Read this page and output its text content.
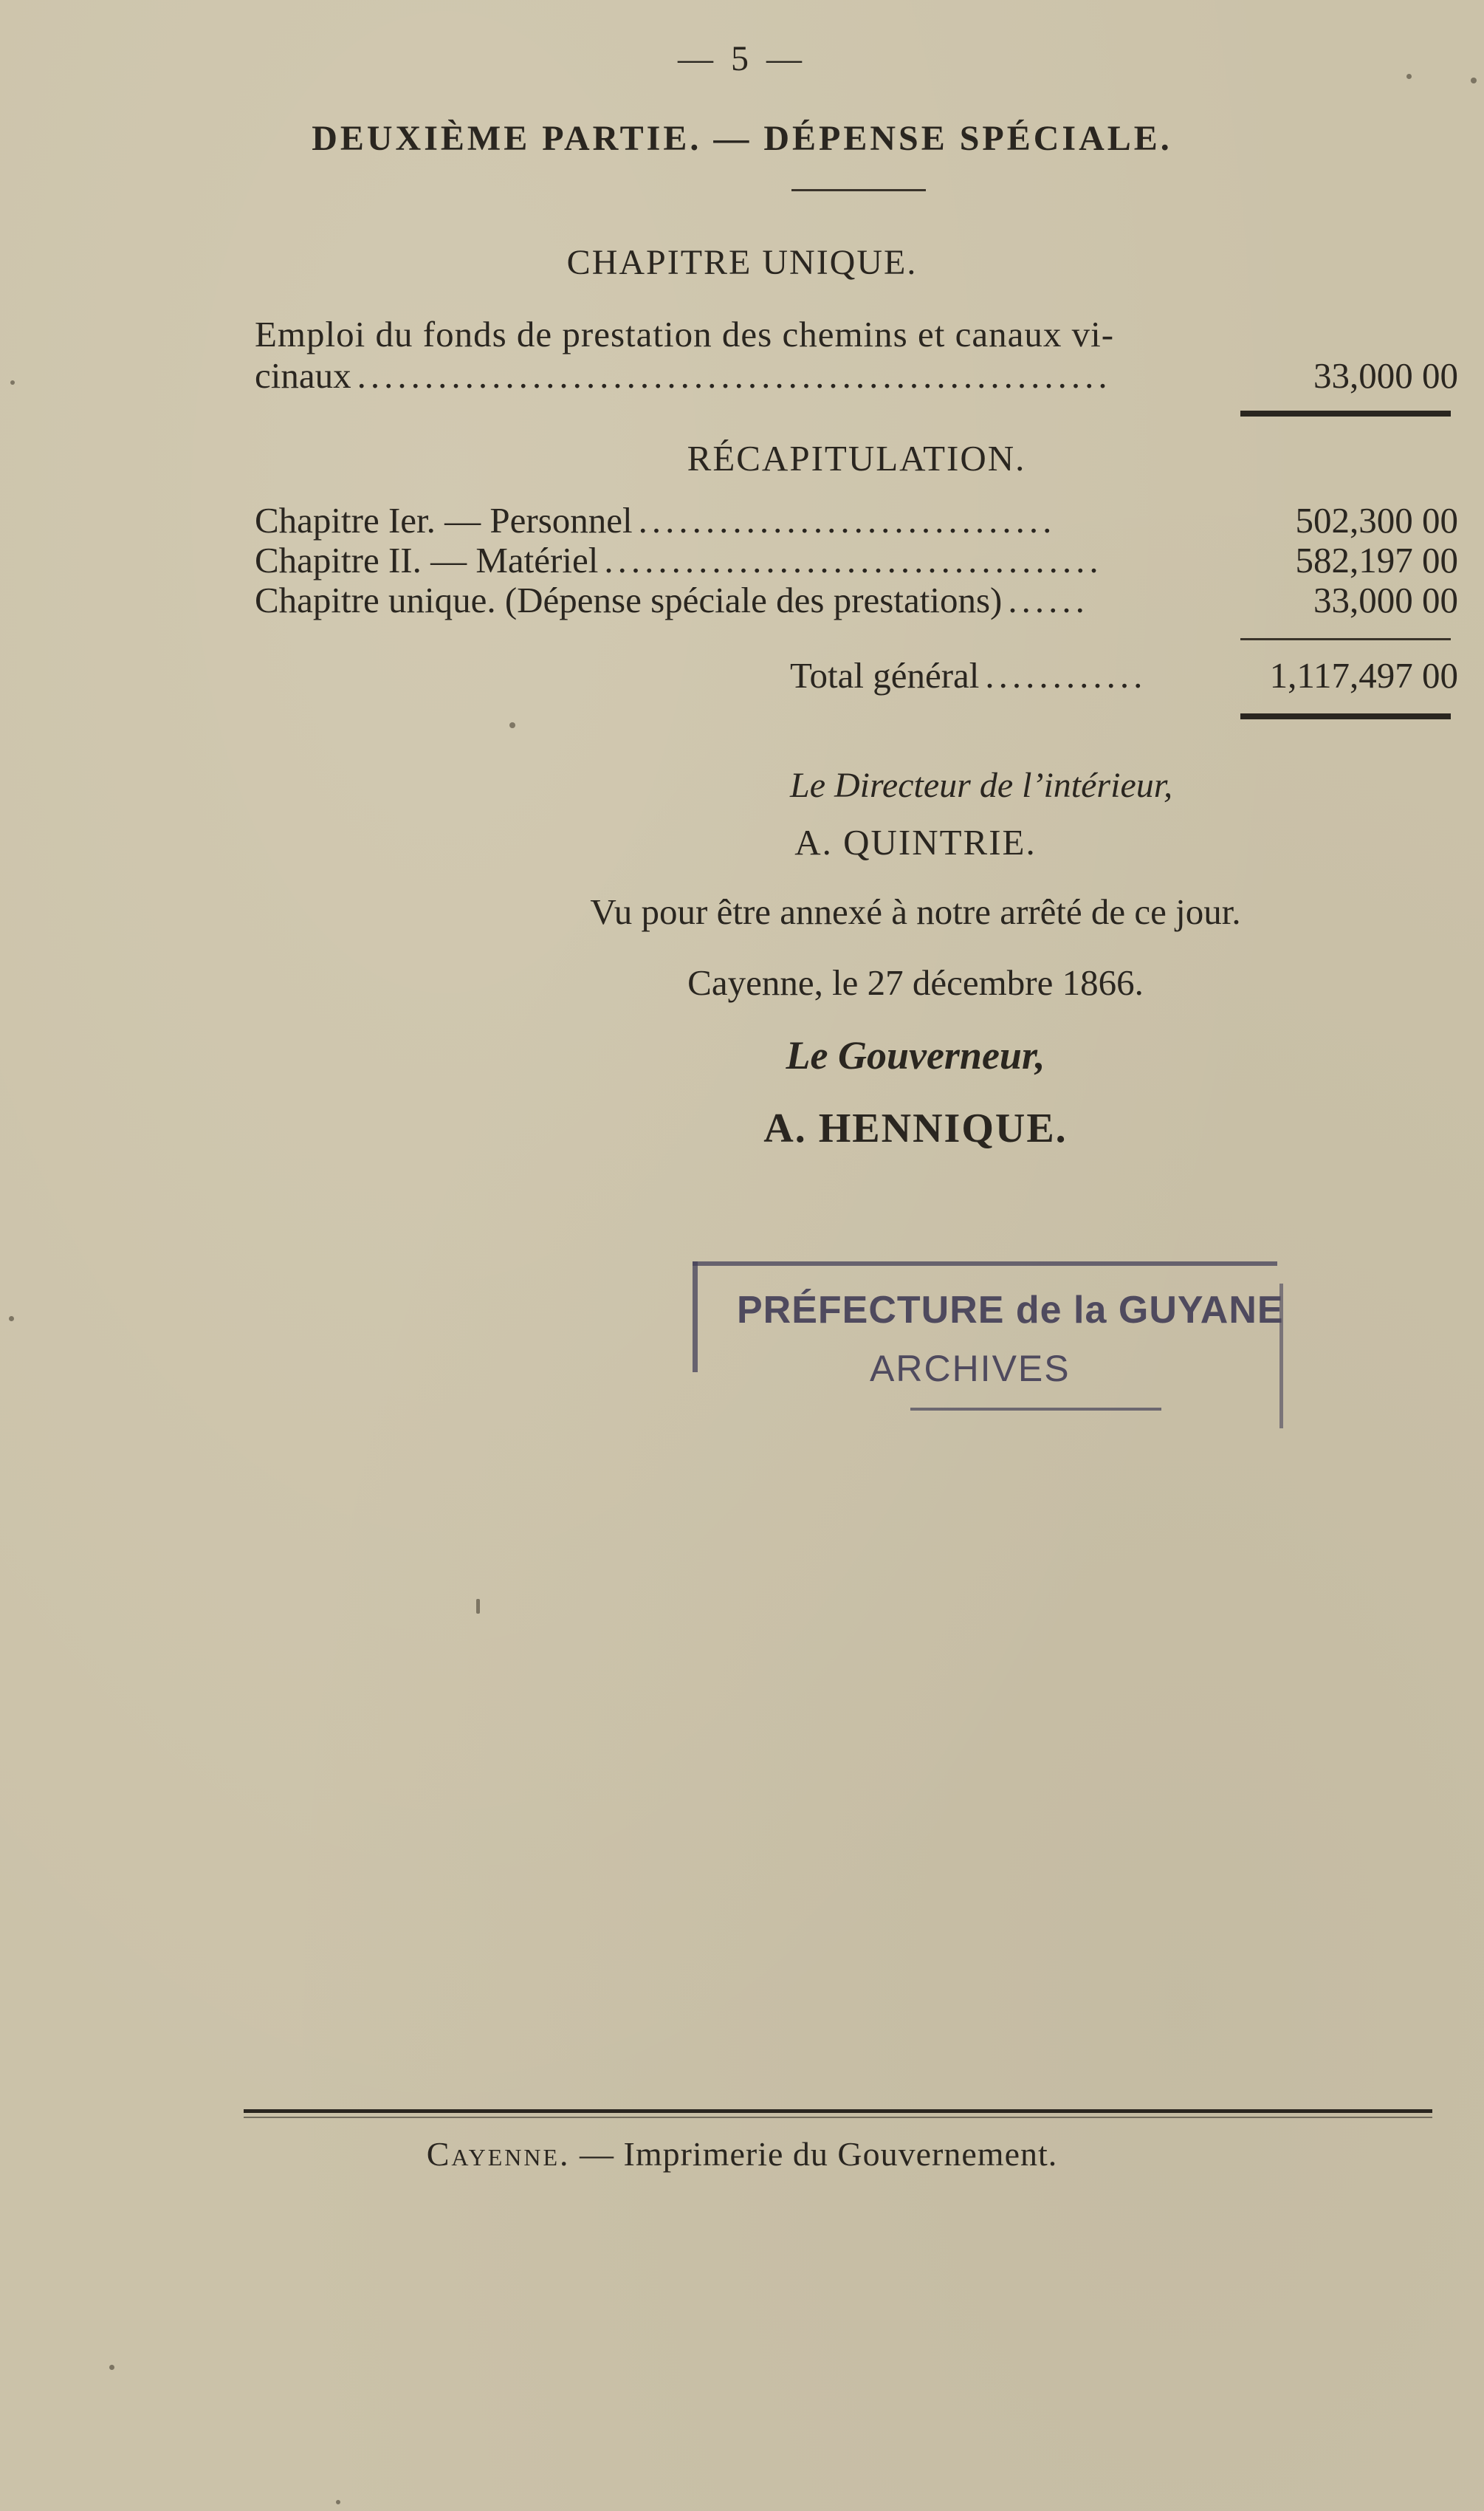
— 5 —
DEUXIÈME PARTIE. — DÉPENSE SPÉCIALE.
CHAPITRE UNIQUE.
Emploi du fonds de prestation des chemins et canaux vi-
cinaux ........................................................	33,000 00
RÉCAPITULATION.
Chapitre Ier. — Personnel ...............................	502,300 00
Chapitre II. — Matériel .....................................	582,197 00
Chapitre unique. (Dépense spéciale des prestations) ......	33,000 00
Total général ............	1,117,497 00
Le Directeur de l’intérieur,
A. QUINTRIE.
Vu pour être annexé à notre arrêté de ce jour.
Cayenne, le 27 décembre 1866.
Le Gouverneur,
A. HENNIQUE.
PRÉFECTURE de la GUYANE
ARCHIVES
Cayenne. — Imprimerie du Gouvernement.
